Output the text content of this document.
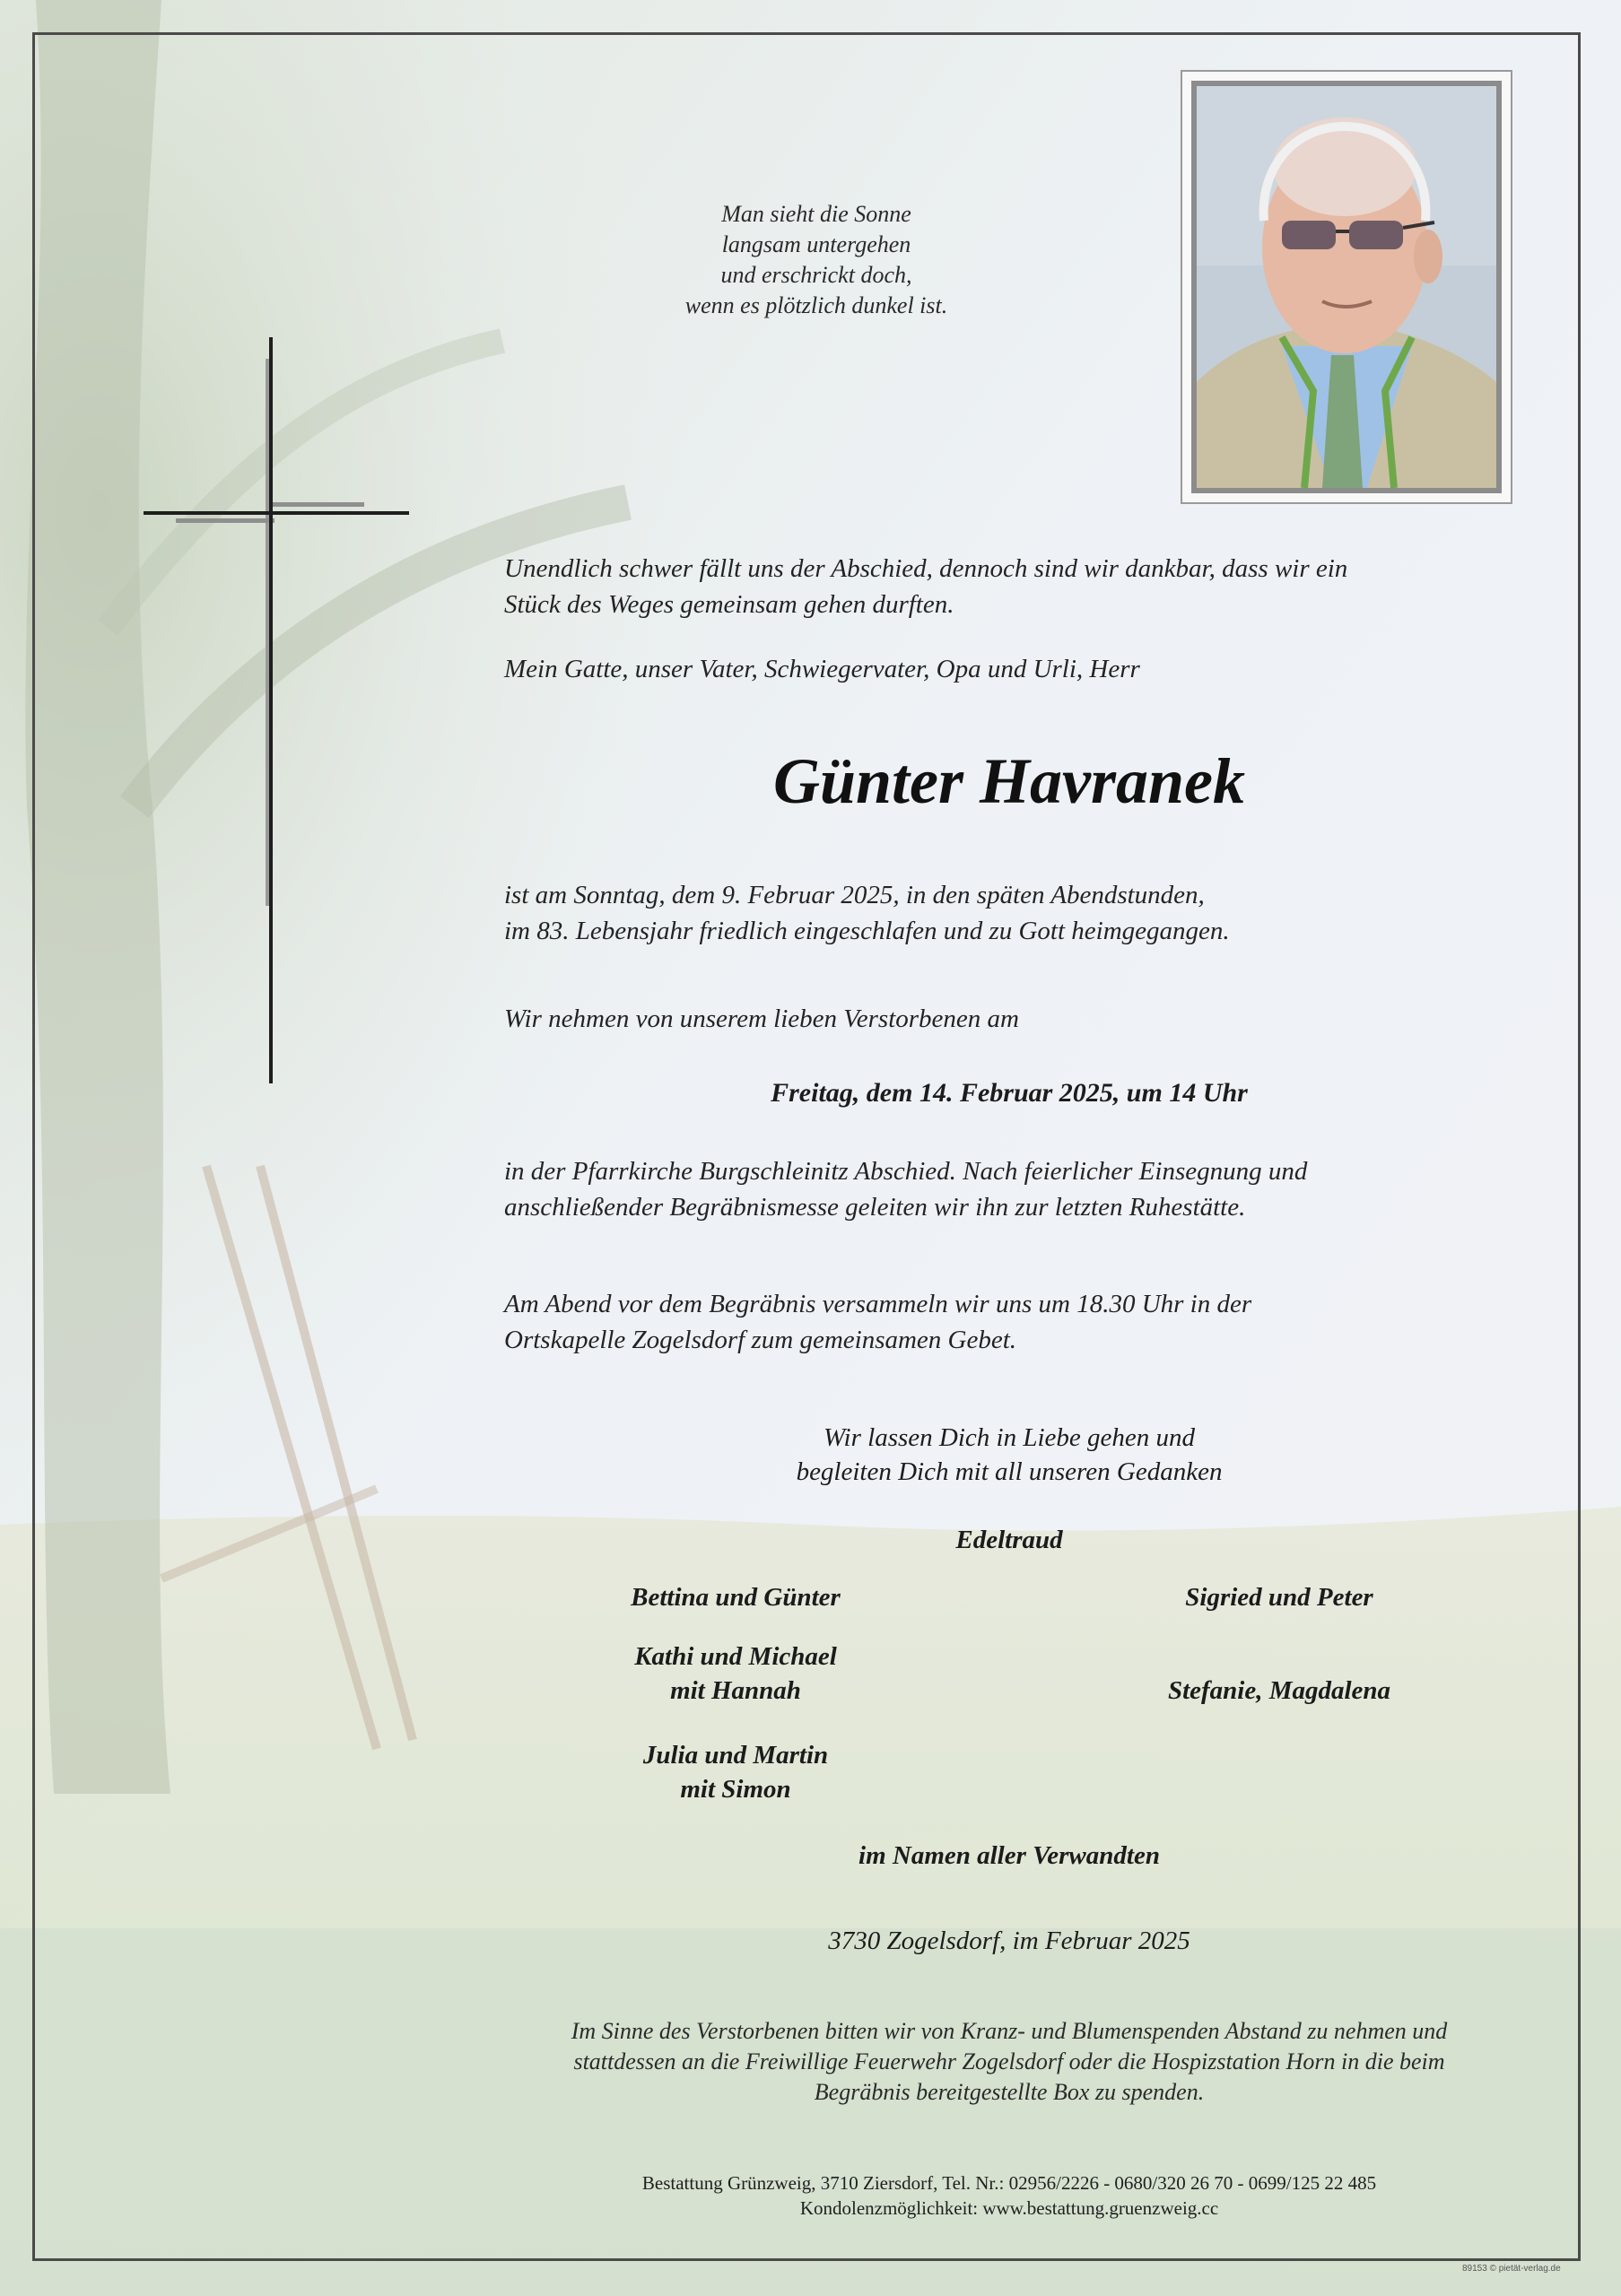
Man sieht die Sonne
langsam untergehen
und erschrickt doch,
wenn es plötzlich dunkel ist.
Unendlich schwer fällt uns der Abschied, dennoch sind wir dankbar, dass wir ein
Stück des Weges gemeinsam gehen durften.
Mein Gatte, unser Vater, Schwiegervater, Opa und Urli, Herr
Günter Havranek
ist am Sonntag, dem 9. Februar 2025, in den späten Abendstunden,
im 83. Lebensjahr friedlich eingeschlafen und zu Gott heimgegangen.
Wir nehmen von unserem lieben Verstorbenen am
Freitag, dem 14. Februar 2025, um 14 Uhr
in der Pfarrkirche Burgschleinitz Abschied. Nach feierlicher Einsegnung und
anschließender Begräbnismesse geleiten wir ihn zur letzten Ruhestätte.
Am Abend vor dem Begräbnis versammeln wir uns um 18.30 Uhr in der
Ortskapelle Zogelsdorf zum gemeinsamen Gebet.
Wir lassen Dich in Liebe gehen und
begleiten Dich mit all unseren Gedanken
Edeltraud
Bettina und Günter
Kathi und Michael
mit Hannah
Julia und Martin
mit Simon
Sigried und Peter
Stefanie, Magdalena
im Namen aller Verwandten
3730 Zogelsdorf, im Februar 2025
Im Sinne des Verstorbenen bitten wir von Kranz- und Blumenspenden Abstand zu nehmen und
stattdessen an die Freiwillige Feuerwehr Zogelsdorf oder die Hospizstation Horn in die beim
Begräbnis bereitgestellte Box zu spenden.
Bestattung Grünzweig, 3710 Ziersdorf, Tel. Nr.: 02956/2226 - 0680/320 26 70 - 0699/125 22 485
Kondolenzmöglichkeit: www.bestattung.gruenzweig.cc
89153 © pietät-verlag.de
